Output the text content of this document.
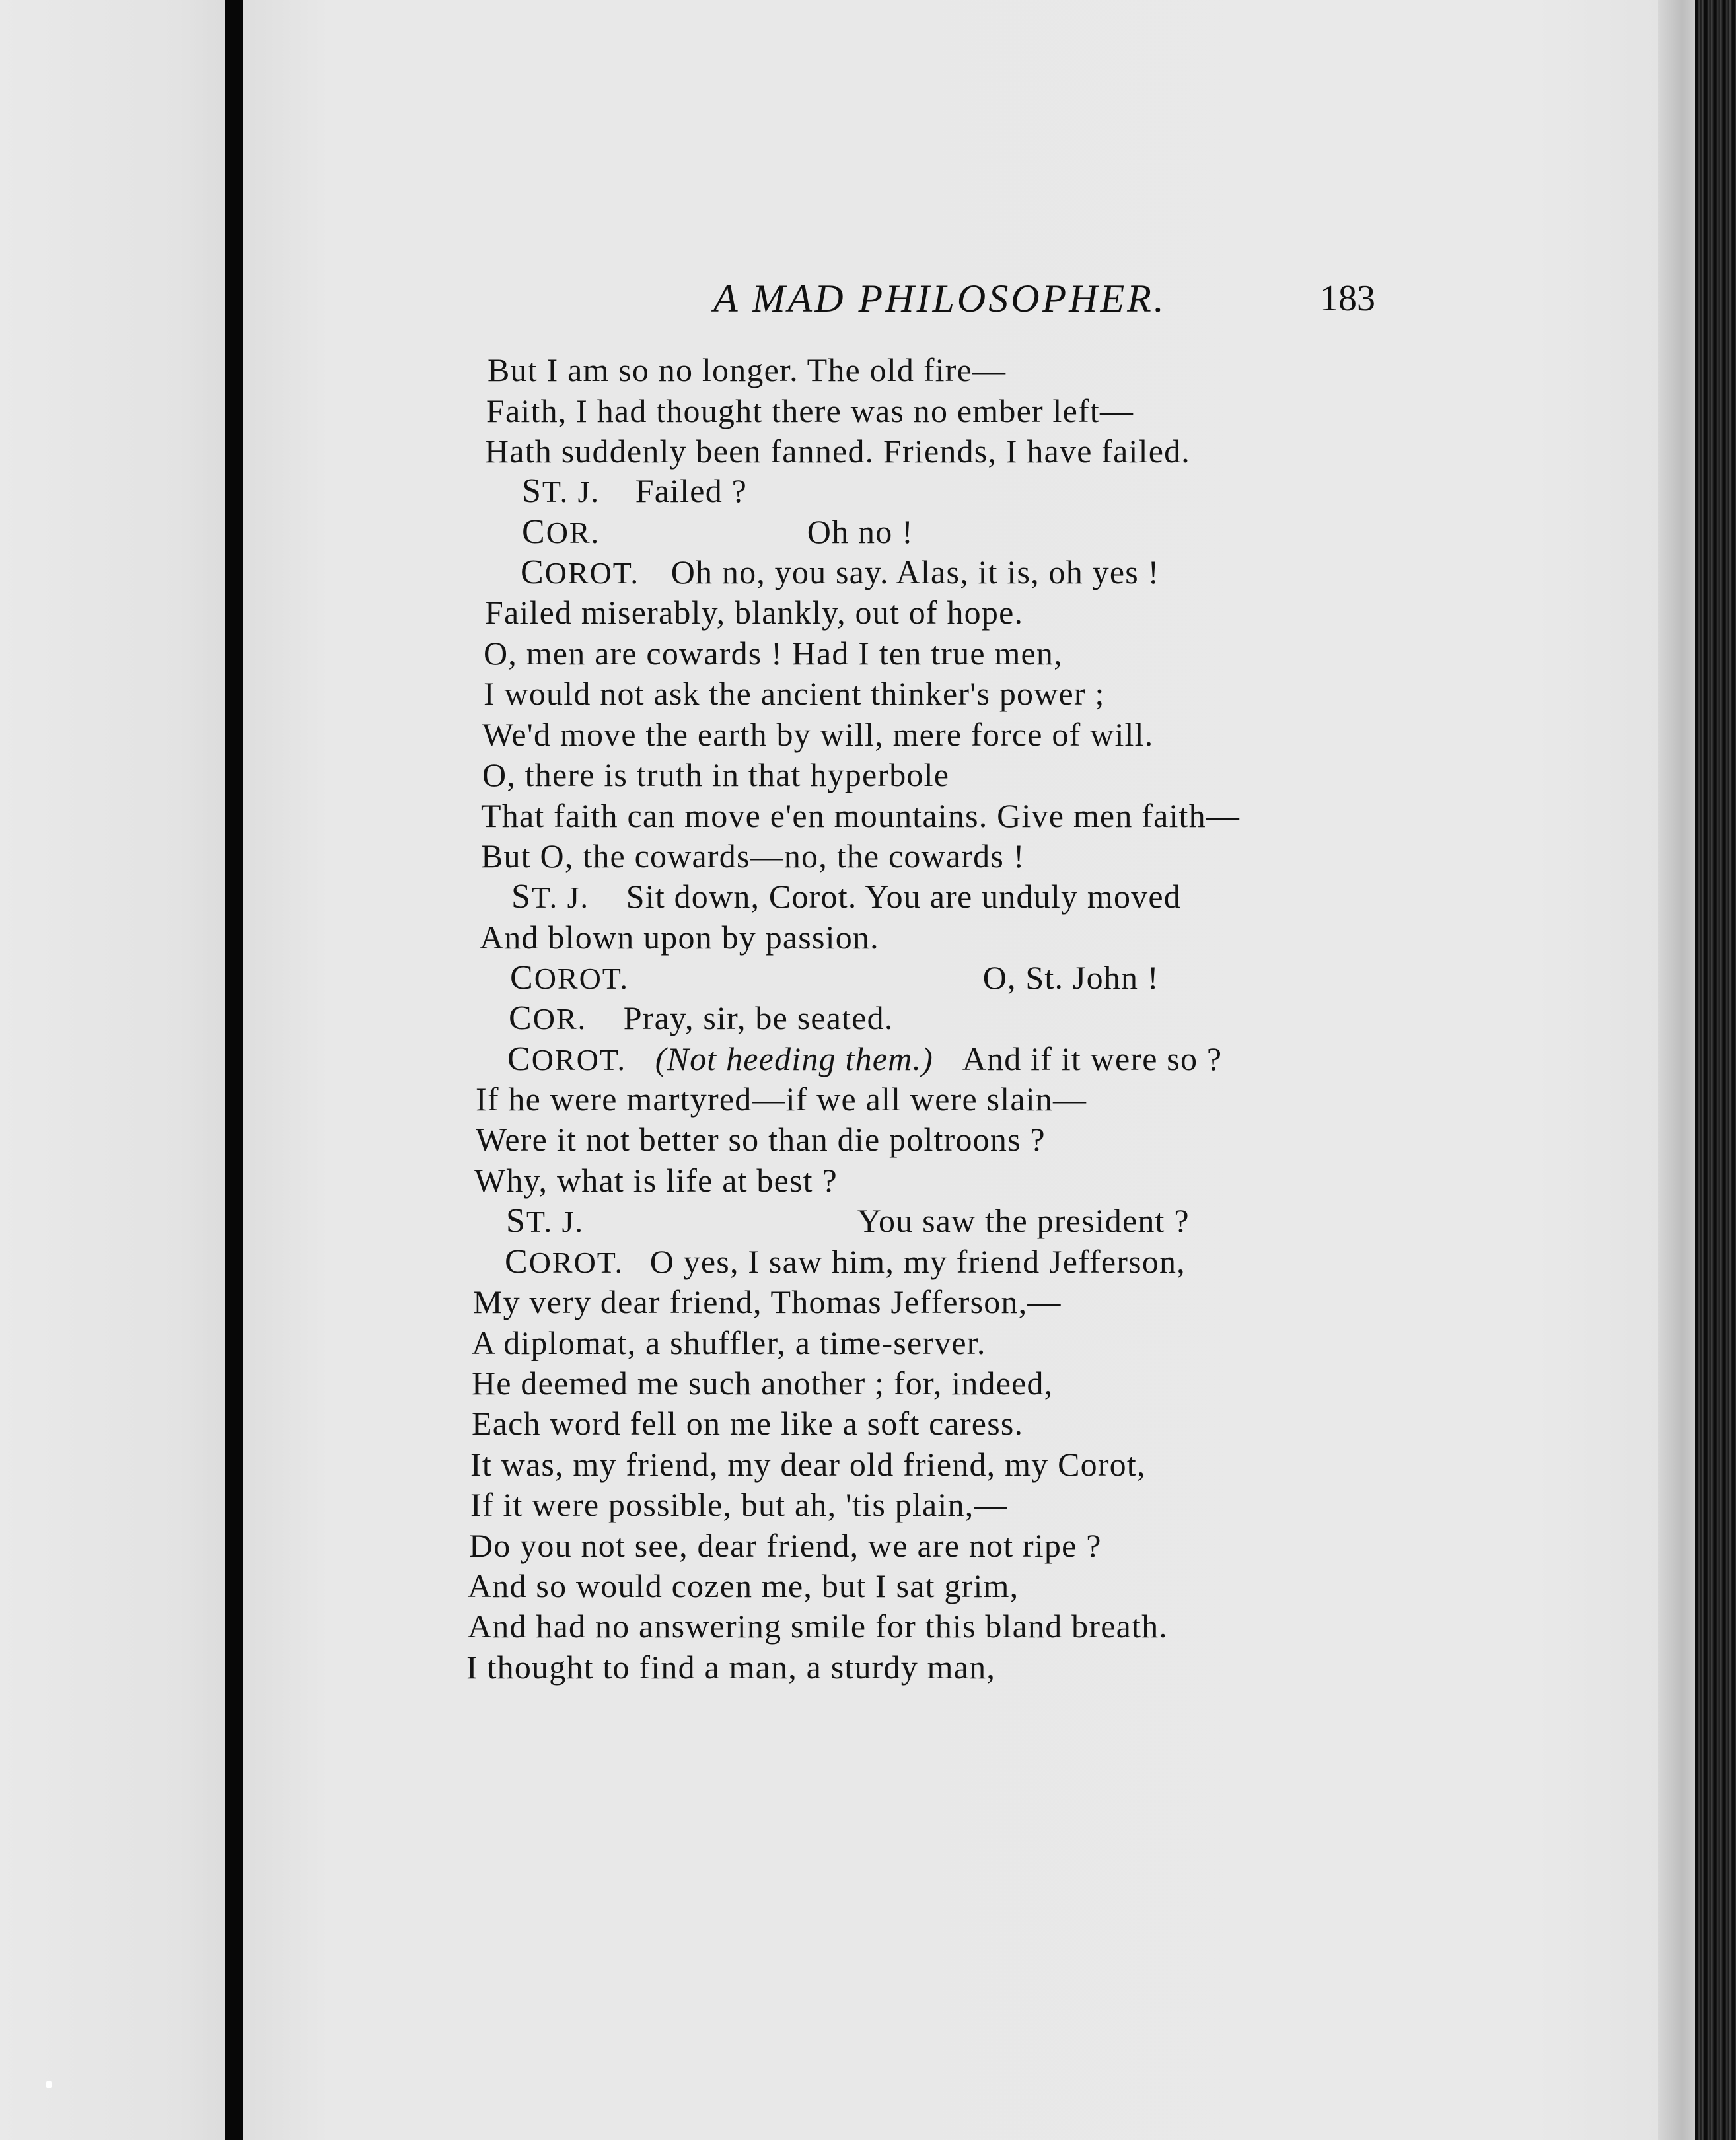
A MAD PHILOSOPHER.	183
But I am so no longer. The old fire—
Faith, I had thought there was no ember left—
Hath suddenly been fanned. Friends, I have failed.
ST. J. Failed ?
COR.	Oh no !
COROT. Oh no, you say. Alas, it is, oh yes !
Failed miserably, blankly, out of hope.
O, men are cowards ! Had I ten true men,
I would not ask the ancient thinker's power ;
We'd move the earth by will, mere force of will.
O, there is truth in that hyperbole
That faith can move e'en mountains. Give men faith—
But O, the cowards—no, the cowards !
ST. J. Sit down, Corot. You are unduly moved
And blown upon by passion.
COROT.	O, St. John !
COR. Pray, sir, be seated.
COROT. (Not heeding them.) And if it were so ?
If he were martyred—if we all were slain—
Were it not better so than die poltroons ?
Why, what is life at best ?
ST. J.	You saw the president ?
COROT. O yes, I saw him, my friend Jefferson,
My very dear friend, Thomas Jefferson,—
A diplomat, a shuffler, a time-server.
He deemed me such another ; for, indeed,
Each word fell on me like a soft caress.
It was, my friend, my dear old friend, my Corot,
If it were possible, but ah, 'tis plain,—
Do you not see, dear friend, we are not ripe ?
And so would cozen me, but I sat grim,
And had no answering smile for this bland breath.
I thought to find a man, a sturdy man,
